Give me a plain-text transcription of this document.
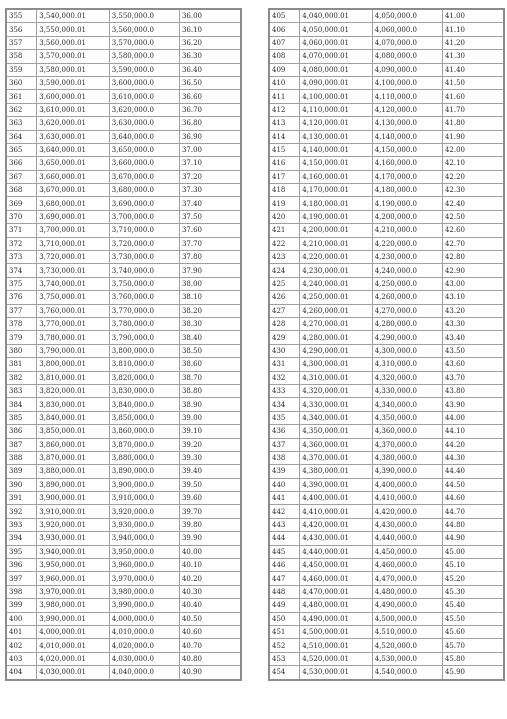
355	3,540,000.01	3,550,000.0	36.00
356	3,550,000.01	3,560,000.0	36.10
357	3,560,000.01	3,570,000.0	36.20
358	3,570,000.01	3,580,000.0	36.30
359	3,580,000.01	3,590,000.0	36.40
360	3,590,000.01	3,600,000.0	36.50
361	3,600,000.01	3,610,000.0	36.60
362	3,610,000.01	3,620,000.0	36.70
363	3,620,000.01	3,630,000.0	36.80
364	3,630,000.01	3,640,000.0	36.90
365	3,640,000.01	3,650,000.0	37.00
366	3,650,000.01	3,660,000.0	37.10
367	3,660,000.01	3,670,000.0	37.20
368	3,670,000.01	3,680,000.0	37.30
369	3,680,000.01	3,690,000.0	37.40
370	3,690,000.01	3,700,000.0	37.50
371	3,700,000.01	3,710,000.0	37.60
372	3,710,000.01	3,720,000.0	37.70
373	3,720,000.01	3,730,000.0	37.80
374	3,730,000.01	3,740,000.0	37.90
375	3,740,000.01	3,750,000.0	38.00
376	3,750,000.01	3,760,000.0	38.10
377	3,760,000.01	3,770,000.0	38.20
378	3,770,000.01	3,780,000.0	38.30
379	3,780,000.01	3,790,000.0	38.40
380	3,790,000.01	3,800,000.0	38.50
381	3,800,000.01	3,810,000.0	38.60
382	3,810,000.01	3,820,000.0	38.70
383	3,820,000.01	3,830,000.0	38.80
384	3,830,000.01	3,840,000.0	38.90
385	3,840,000.01	3,850,000.0	39.00
386	3,850,000.01	3,860,000.0	39.10
387	3,860,000.01	3,870,000.0	39.20
388	3,870,000.01	3,880,000.0	39.30
389	3,880,000.01	3,890,000.0	39.40
390	3,890,000.01	3,900,000.0	39.50
391	3,900,000.01	3,910,000.0	39.60
392	3,910,000.01	3,920,000.0	39.70
393	3,920,000.01	3,930,000.0	39.80
394	3,930,000.01	3,940,000.0	39.90
395	3,940,000.01	3,950,000.0	40.00
396	3,950,000.01	3,960,000.0	40.10
397	3,960,000.01	3,970,000.0	40.20
398	3,970,000.01	3,980,000.0	40.30
399	3,980,000.01	3,990,000.0	40.40
400	3,990,000.01	4,000,000.0	40.50
401	4,000,000.01	4,010,000.0	40.60
402	4,010,000.01	4,020,000.0	40.70
403	4,020,000.01	4,030,000.0	40.80
404	4,030,000.01	4,040,000.0	40.90
405	4,040,000.01	4,050,000.0	41.00
406	4,050,000.01	4,060,000.0	41.10
407	4,060,000.01	4,070,000.0	41.20
408	4,070,000.01	4,080,000.0	41.30
409	4,080,000.01	4,090,000.0	41.40
410	4,090,000.01	4,100,000.0	41.50
411	4,100,000.01	4,110,000.0	41.60
412	4,110,000.01	4,120,000.0	41.70
413	4,120,000.01	4,130,000.0	41.80
414	4,130,000.01	4,140,000.0	41.90
415	4,140,000.01	4,150,000.0	42.00
416	4,150,000.01	4,160,000.0	42.10
417	4,160,000.01	4,170,000.0	42.20
418	4,170,000.01	4,180,000.0	42.30
419	4,180,000.01	4,190,000.0	42.40
420	4,190,000.01	4,200,000.0	42.50
421	4,200,000.01	4,210,000.0	42.60
422	4,210,000.01	4,220,000.0	42.70
423	4,220,000.01	4,230,000.0	42.80
424	4,230,000.01	4,240,000.0	42.90
425	4,240,000.01	4,250,000.0	43.00
426	4,250,000.01	4,260,000.0	43.10
427	4,260,000.01	4,270,000.0	43.20
428	4,270,000.01	4,280,000.0	43.30
429	4,280,000.01	4,290,000.0	43.40
430	4,290,000.01	4,300,000.0	43.50
431	4,300,000.01	4,310,000.0	43.60
432	4,310,000.01	4,320,000.0	43.70
433	4,320,000.01	4,330,000.0	43.80
434	4,330,000.01	4,340,000.0	43.90
435	4,340,000.01	4,350,000.0	44.00
436	4,350,000.01	4,360,000.0	44.10
437	4,360,000.01	4,370,000.0	44.20
438	4,370,000.01	4,380,000.0	44.30
439	4,380,000.01	4,390,000.0	44.40
440	4,390,000.01	4,400,000.0	44.50
441	4,400,000.01	4,410,000.0	44.60
442	4,410,000.01	4,420,000.0	44.70
443	4,420,000.01	4,430,000.0	44.80
444	4,430,000.01	4,440,000.0	44.90
445	4,440,000.01	4,450,000.0	45.00
446	4,450,000.01	4,460,000.0	45.10
447	4,460,000.01	4,470,000.0	45.20
448	4,470,000.01	4,480,000.0	45.30
449	4,480,000.01	4,490,000.0	45.40
450	4,490,000.01	4,500,000.0	45.50
451	4,500,000.01	4,510,000.0	45.60
452	4,510,000.01	4,520,000.0	45.70
453	4,520,000.01	4,530,000.0	45.80
454	4,530,000.01	4,540,000.0	45.90
